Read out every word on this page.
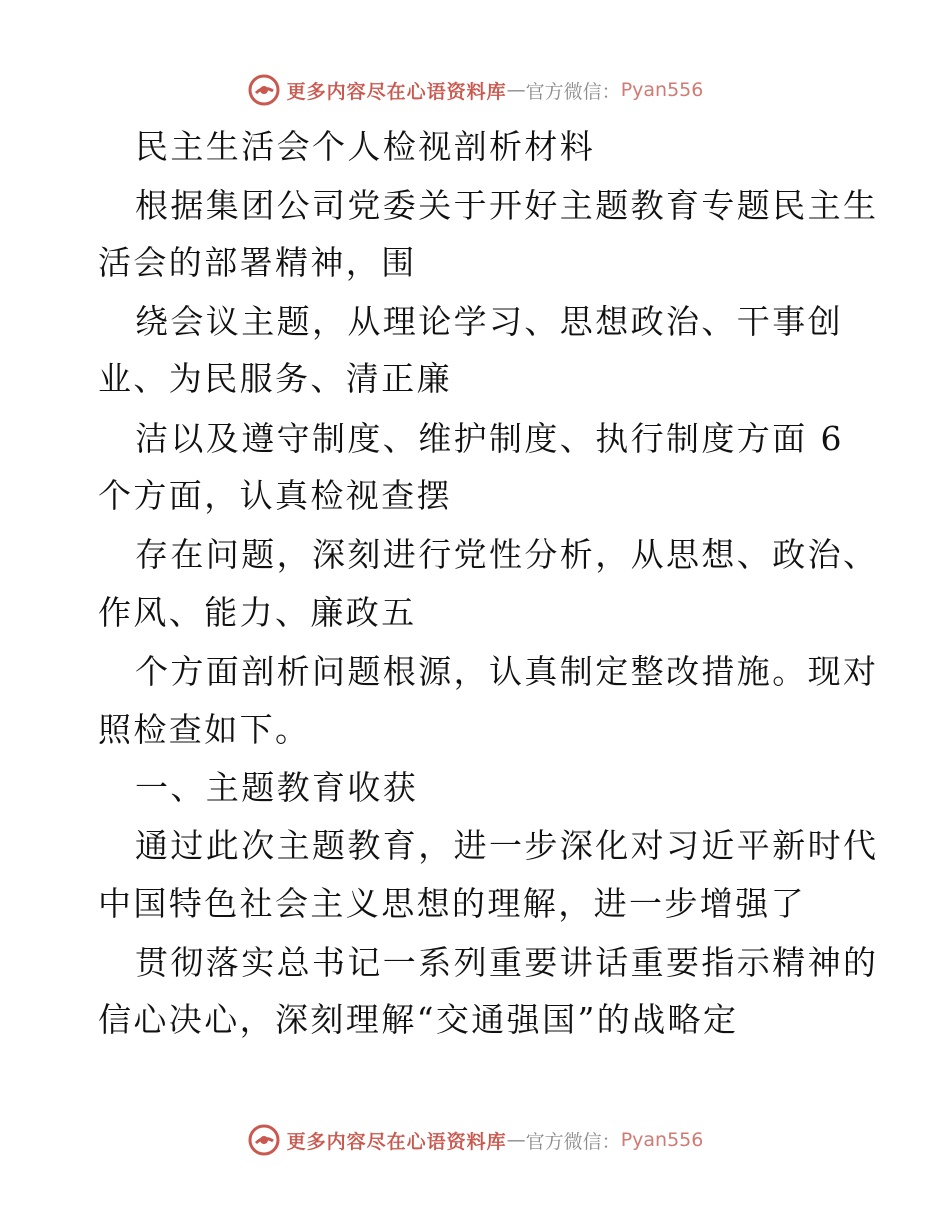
更多内容尽在心语资料库 — 官方微信： Pyan556
民主生活会个人检视剖析材料
根据集团公司党委关于开好主题教育专题民主生
活会的部署精神，围
绕会议主题，从理论学习、思想政治、干事创
业、为民服务、清正廉
洁以及遵守制度、维护制度、执行制度方面 6
个方面，认真检视查摆
存在问题，深刻进行党性分析，从思想、政治、
作风、能力、廉政五
个方面剖析问题根源，认真制定整改措施。现对
照检查如下。
一、主题教育收获
通过此次主题教育，进一步深化对习近平新时代
中国特色社会主义思想的理解，进一步增强了
贯彻落实总书记一系列重要讲话重要指示精神的
信心决心，深刻理解“交通强国”的战略定
更多内容尽在心语资料库 — 官方微信： Pyan556
